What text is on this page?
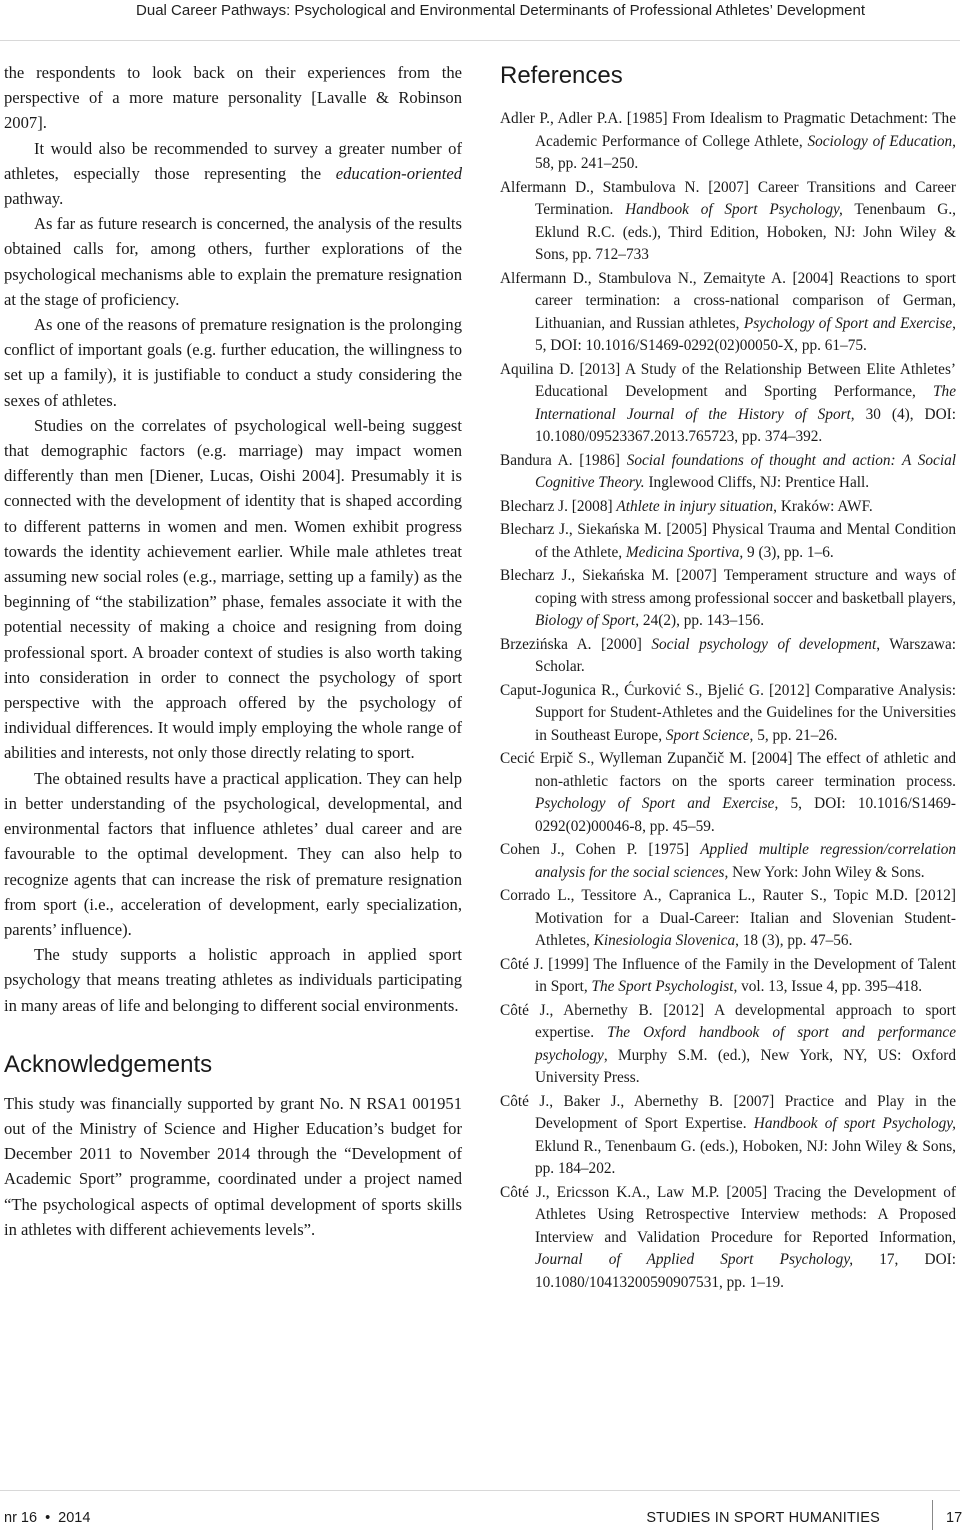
Dual Career Pathways: Psychological and Environmental Determinants of Professional Athletes’ Development

the respondents to look back on their experiences from the perspective of a more mature personality [Lavalle & Robinson 2007].

It would also be recommended to survey a greater number of athletes, especially those representing the education-oriented pathway.

As far as future research is concerned, the analysis of the results obtained calls for, among others, further explorations of the psychological mechanisms able to explain the premature resignation at the stage of proficiency.

As one of the reasons of premature resignation is the prolonging conflict of important goals (e.g. further education, the willingness to set up a family), it is justifiable to conduct a study considering the sexes of athletes.

Studies on the correlates of psychological well-being suggest that demographic factors (e.g. marriage) may impact women differently than men [Diener, Lucas, Oishi 2004]. Presumably it is connected with the development of identity that is shaped according to different patterns in women and men. Women exhibit progress towards the identity achievement earlier. While male athletes treat assuming new social roles (e.g., marriage, setting up a family) as the beginning of “the stabilization” phase, females associate it with the potential necessity of making a choice and resigning from doing professional sport. A broader context of studies is also worth taking into consideration in order to connect the psychology of sport perspective with the approach offered by the psychology of individual differences. It would imply employing the whole range of abilities and interests, not only those directly relating to sport.

The obtained results have a practical application. They can help in better understanding of the psychological, developmental, and environmental factors that influence athletes’ dual career and are favourable to the optimal development. They can also help to recognize agents that can increase the risk of premature resignation from sport (i.e., acceleration of development, early specialization, parents’ influence).

The study supports a holistic approach in applied sport psychology that means treating athletes as individuals participating in many areas of life and belonging to different social environments.

Acknowledgements

This study was financially supported by grant No. N RSA1 001951 out of the Ministry of Science and Higher Education’s budget for December 2011 to November 2014 through the “Development of Academic Sport” programme, coordinated under a project named “The psychological aspects of optimal development of sports skills in athletes with different achievements levels”.

References

Adler P., Adler P.A. [1985] From Idealism to Pragmatic Detachment: The Academic Performance of College Athlete, Sociology of Education, 58, pp. 241–250.

Alfermann D., Stambulova N. [2007] Career Transitions and Career Termination. Handbook of Sport Psychology, Tenenbaum G., Eklund R.C. (eds.), Third Edition, Hoboken, NJ: John Wiley & Sons, pp. 712–733

Alfermann D., Stambulova N., Zemaityte A. [2004] Reactions to sport career termination: a cross-national comparison of German, Lithuanian, and Russian athletes, Psychology of Sport and Exercise, 5, DOI: 10.1016/S1469-0292(02)00050-X, pp. 61–75.

Aquilina D. [2013] A Study of the Relationship Between Elite Athletes’ Educational Development and Sporting Performance, The International Journal of the History of Sport, 30 (4), DOI: 10.1080/09523367.2013.765723, pp. 374–392.

Bandura A. [1986] Social foundations of thought and action: A Social Cognitive Theory. Inglewood Cliffs, NJ: Prentice Hall.

Blecharz J. [2008] Athlete in injury situation, Kraków: AWF.

Blecharz J., Siekańska M. [2005] Physical Trauma and Mental Condition of the Athlete, Medicina Sportiva, 9 (3), pp. 1–6.

Blecharz J., Siekańska M. [2007] Temperament structure and ways of coping with stress among professional soccer and basketball players, Biology of Sport, 24(2), pp. 143–156.

Brzezińska A. [2000] Social psychology of development, Warszawa: Scholar.

Caput-Jogunica R., Ćurković S., Bjelić G. [2012] Comparative Analysis: Support for Student-Athletes and the Guidelines for the Universities in Southeast Europe, Sport Science, 5, pp. 21–26.

Cecić Erpič S., Wylleman Zupančič M. [2004] The effect of athletic and non-athletic factors on the sports career termination process. Psychology of Sport and Exercise, 5, DOI: 10.1016/S1469-0292(02)00046-8, pp. 45–59.

Cohen J., Cohen P. [1975] Applied multiple regression/correlation analysis for the social sciences, New York: John Wiley & Sons.

Corrado L., Tessitore A., Capranica L., Rauter S., Topic M.D. [2012] Motivation for a Dual-Career: Italian and Slovenian Student-Athletes, Kinesiologia Slovenica, 18 (3), pp. 47–56.

Côté J. [1999] The Influence of the Family in the Development of Talent in Sport, The Sport Psychologist, vol. 13, Issue 4, pp. 395–418.

Côté J., Abernethy B. [2012] A developmental approach to sport expertise. The Oxford handbook of sport and performance psychology, Murphy S.M. (ed.), New York, NY, US: Oxford University Press.

Côté J., Baker J., Abernethy B. [2007] Practice and Play in the Development of Sport Expertise. Handbook of sport Psychology, Eklund R., Tenenbaum G. (eds.), Hoboken, NJ: John Wiley & Sons, pp. 184–202.

Côté J., Ericsson K.A., Law M.P. [2005] Tracing the Development of Athletes Using Retrospective Interview methods: A Proposed Interview and Validation Procedure for Reported Information, Journal of Applied Sport Psychology, 17, DOI: 10.1080/10413200590907531, pp. 1–19.

nr 16 • 2014	STUDIES IN SPORT HUMANITIES	17
